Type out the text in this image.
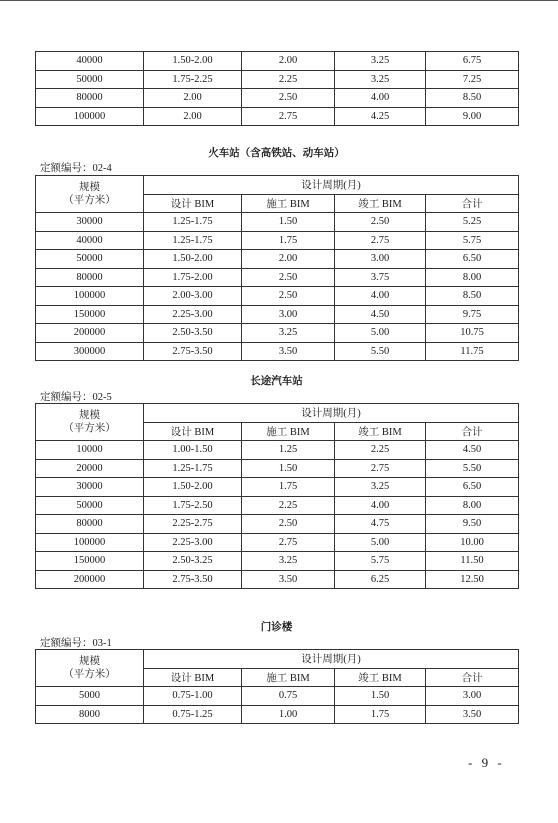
40000	1.50-2.00	2.00	3.25	6.75
50000	1.75-2.25	2.25	3.25	7.25
80000	2.00	2.50	4.00	8.50
100000	2.00	2.75	4.25	9.00
火车站（含高铁站、动车站）
定额编号：02-4
规模
（平方米）	设计周期(月)			
	设计 BIM	施工 BIM	竣工 BIM	合计
30000	1.25-1.75	1.50	2.50	5.25
40000	1.25-1.75	1.75	2.75	5.75
50000	1.50-2.00	2.00	3.00	6.50
80000	1.75-2.00	2.50	3.75	8.00
100000	2.00-3.00	2.50	4.00	8.50
150000	2.25-3.00	3.00	4.50	9.75
200000	2.50-3.50	3.25	5.00	10.75
300000	2.75-3.50	3.50	5.50	11.75
长途汽车站
定额编号：02-5
规模
（平方米）	设计周期(月)			
	设计 BIM	施工 BIM	竣工 BIM	合计
10000	1.00-1.50	1.25	2.25	4.50
20000	1.25-1.75	1.50	2.75	5.50
30000	1.50-2.00	1.75	3.25	6.50
50000	1.75-2.50	2.25	4.00	8.00
80000	2.25-2.75	2.50	4.75	9.50
100000	2.25-3.00	2.75	5.00	10.00
150000	2.50-3.25	3.25	5.75	11.50
200000	2.75-3.50	3.50	6.25	12.50
门诊楼
定额编号：03-1
规模
（平方米）	设计周期(月)			
	设计 BIM	施工 BIM	竣工 BIM	合计
5000	0.75-1.00	0.75	1.50	3.00
8000	0.75-1.25	1.00	1.75	3.50
- 9 -
